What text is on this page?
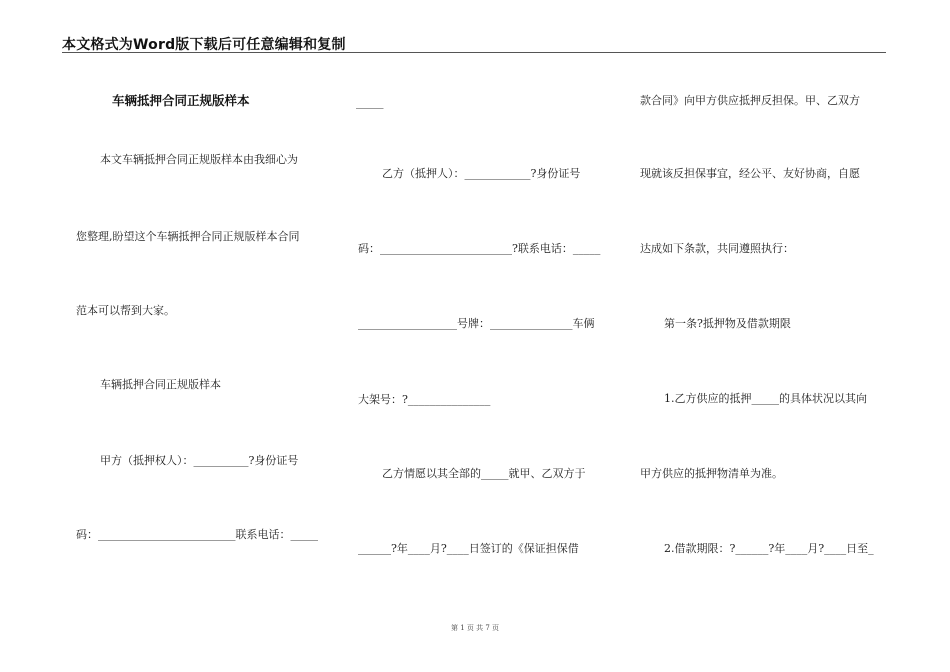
本文格式为Word版下载后可任意编辑和复制
车辆抵押合同正规版样本
本文车辆抵押合同正规版样本由我细心为
您整理,盼望这个车辆抵押合同正规版样本合同
范本可以帮到大家。
车辆抵押合同正规版样本
甲方（抵押权人）：__________?身份证号
码：_________________________联系电话：_____
_____
乙方（抵押人）：____________?身份证号
码：________________________?联系电话：_____
__________________号牌：_______________车俩
大架号：?_______________
乙方情愿以其全部的_____就甲、乙双方于
______?年____月?____日签订的《保证担保借
款合同》向甲方供应抵押反担保。甲、乙双方
现就该反担保事宜，经公平、友好协商，自愿
达成如下条款，共同遵照执行：
第一条?抵押物及借款期限
1.乙方供应的抵押_____的具体状况以其向
甲方供应的抵押物清单为准。
2.借款期限：?______?年____月?____日至_
第 1 页 共 7 页
